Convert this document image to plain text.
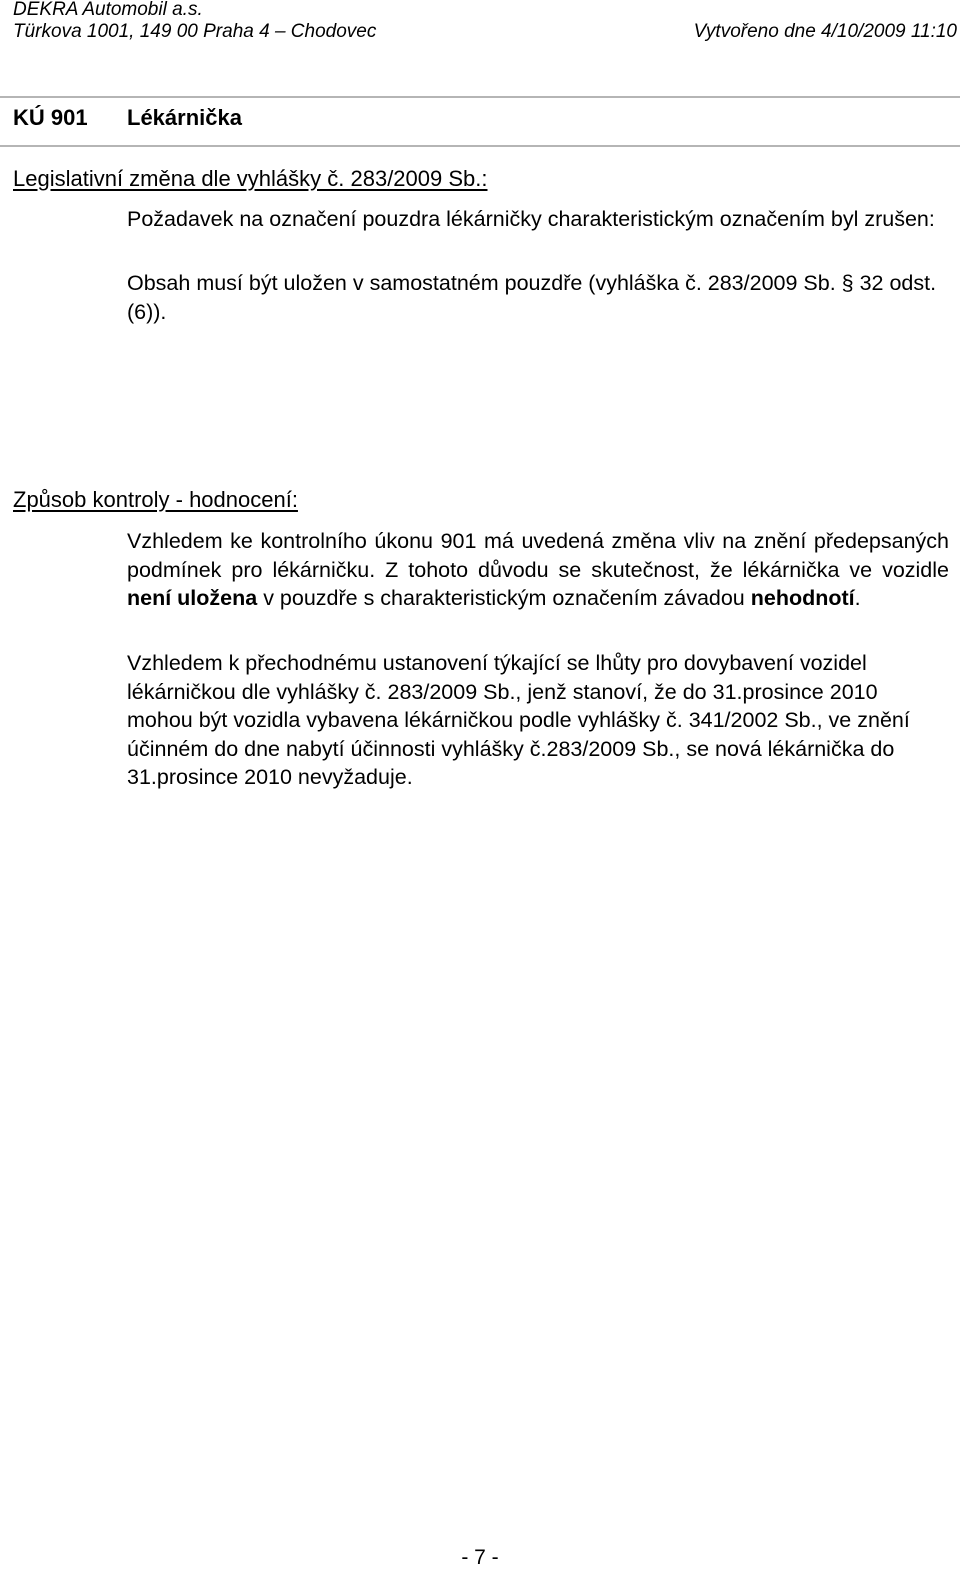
DEKRA Automobil a.s.
Türkova 1001, 149 00 Praha 4 – Chodovec	Vytvořeno dne 4/10/2009 11:10
KÚ 901 Lékárnička
Legislativní změna dle vyhlášky č. 283/2009 Sb.:

Požadavek na označení pouzdra lékárničky charakteristickým označením byl zrušen:

Obsah musí být uložen v samostatném pouzdře (vyhláška č. 283/2009 Sb. § 32 odst. (6)).

Způsob kontroly - hodnocení:

Vzhledem ke kontrolního úkonu 901 má uvedená změna vliv na znění předepsaných podmínek pro lékárničku. Z tohoto důvodu se skutečnost, že lékárnička ve vozidle není uložena v pouzdře s charakteristickým označením závadou nehodnotí.

Vzhledem k přechodnému ustanovení týkající se lhůty pro dovybavení vozidel lékárničkou dle vyhlášky č. 283/2009 Sb., jenž stanoví, že do 31.prosince 2010 mohou být vozidla vybavena lékárničkou podle vyhlášky č. 341/2002 Sb., ve znění účinném do dne nabytí účinnosti vyhlášky č.283/2009 Sb., se nová lékárnička do 31.prosince 2010 nevyžaduje.

- 7 -
